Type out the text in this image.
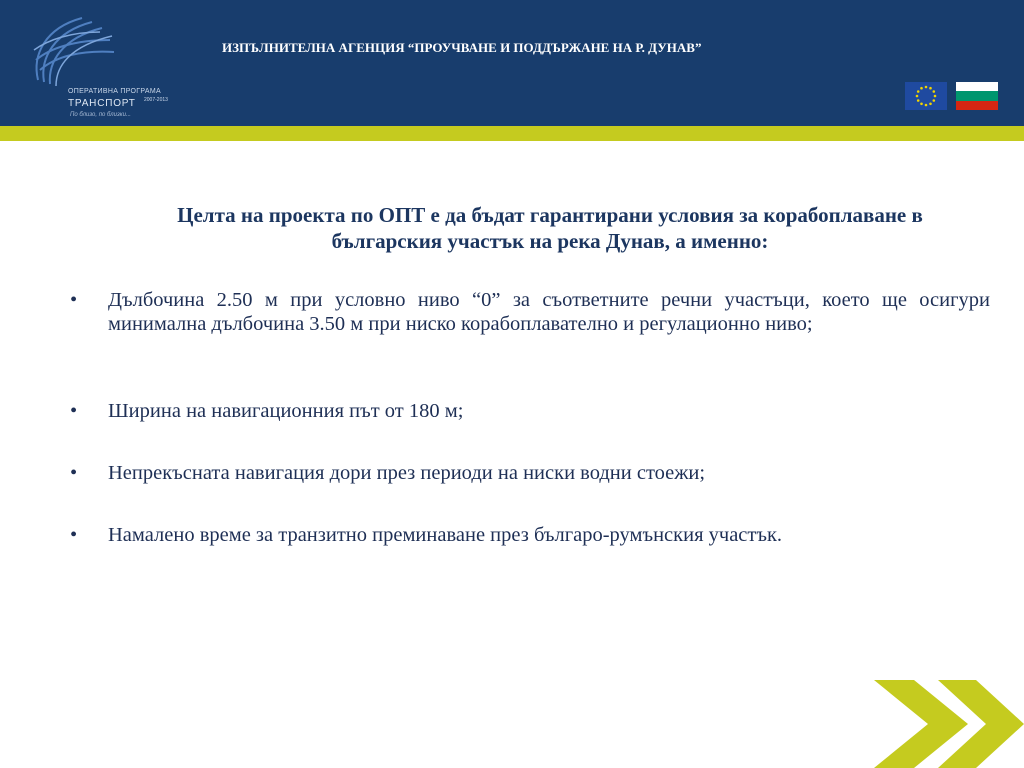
ОПЕРАТИВНА ПРОГРАМА
ТРАНСПОРТ 2007-2013
По близо, по близки...
ИЗПЪЛНИТЕЛНА АГЕНЦИЯ “ПРОУЧВАНЕ И ПОДДЪРЖАНЕ НА Р. ДУНАВ”
Целта на проекта по ОПТ е да бъдат гарантирани условия за корабоплаване в българския участък на река Дунав, а именно:
•	Дълбочина 2.50 м при условно ниво “0” за съответните речни участъци, което ще осигури минимална дълбочина 3.50 м при ниско корабоплавателно и регулационно ниво;
•	Ширина на навигационния път от 180 м;
•	Непрекъсната навигация дори през периоди на ниски водни стоежи;
•	Намалено време за транзитно преминаване през българо-румънския участък.
